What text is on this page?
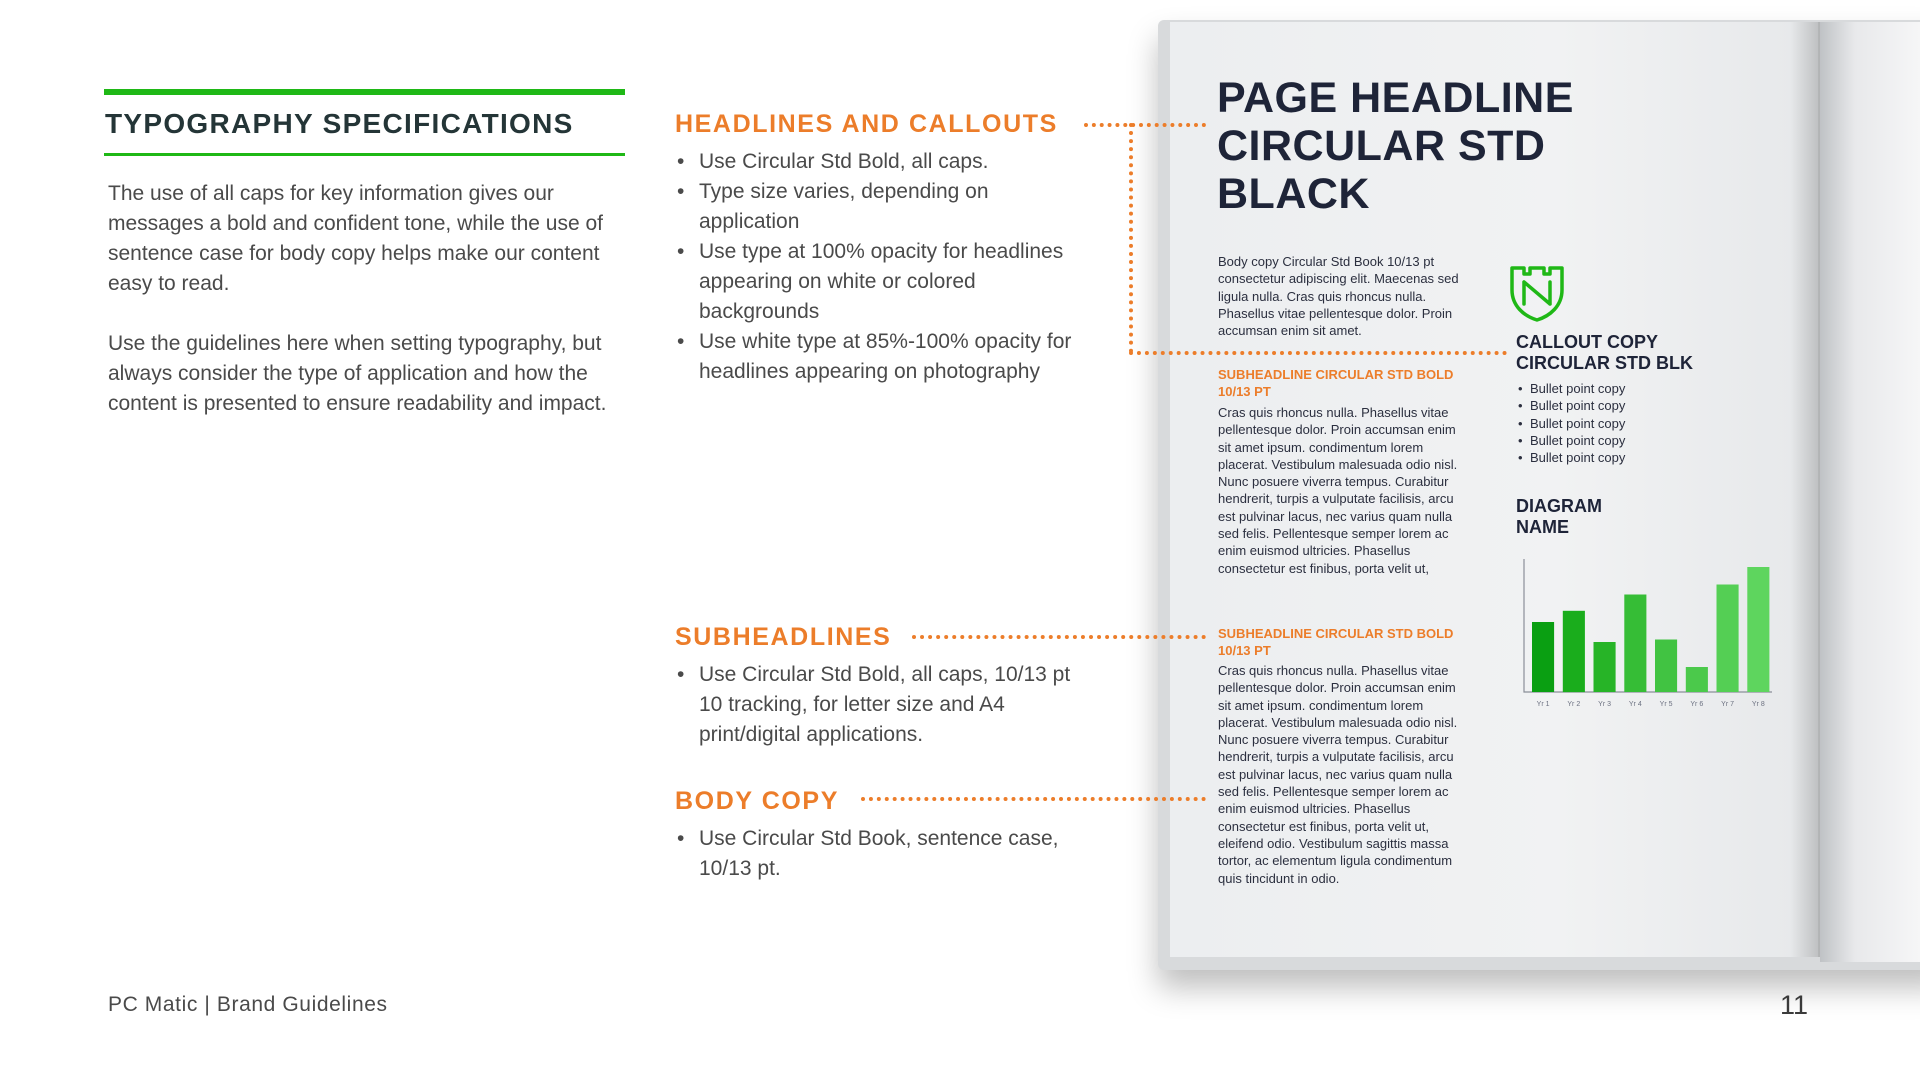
TYPOGRAPHY SPECIFICATIONS

The use of all caps for key information gives our messages a bold and confident tone, while the use of sentence case for body copy helps make our content easy to read.

Use the guidelines here when setting typography, but always consider the type of application and how the content is presented to ensure readability and impact.

HEADLINES AND CALLOUTS
• Use Circular Std Bold, all caps.
• Type size varies, depending on application
• Use type at 100% opacity for headlines appearing on white or colored backgrounds
• Use white type at 85%-100% opacity for headlines appearing on photography
SUBHEADLINES
• Use Circular Std Bold, all caps, 10/13 pt 10 tracking, for letter size and A4 print/digital applications.
BODY COPY
• Use Circular Std Book, sentence case, 10/13 pt.
PAGE HEADLINE CIRCULAR STD BLACK
Body copy Circular Std Book 10/13 pt consectetur adipiscing elit. Maecenas sed ligula nulla. Cras quis rhoncus nulla. Phasellus vitae pellentesque dolor. Proin accumsan enim sit amet.
SUBHEADLINE CIRCULAR STD BOLD 10/13 PT
Cras quis rhoncus nulla. Phasellus vitae pellentesque dolor. Proin accumsan enim sit amet ipsum. condimentum lorem placerat. Vestibulum malesuada odio nisl. Nunc posuere viverra tempus. Curabitur hendrerit, turpis a vulputate facilisis, arcu est pulvinar lacus, nec varius quam nulla sed felis. Pellentesque semper lorem ac enim euismod ultricies. Phasellus consectetur est finibus, porta velit ut,
SUBHEADLINE CIRCULAR STD BOLD 10/13 PT
Cras quis rhoncus nulla. Phasellus vitae pellentesque dolor. Proin accumsan enim sit amet ipsum. condimentum lorem placerat. Vestibulum malesuada odio nisl. Nunc posuere viverra tempus. Curabitur hendrerit, turpis a vulputate facilisis, arcu est pulvinar lacus, nec varius quam nulla sed felis. Pellentesque semper lorem ac enim euismod ultricies. Phasellus consectetur est finibus, porta velit ut, eleifend odio. Vestibulum sagittis massa tortor, ac elementum ligula condimentum quis tincidunt in odio.
CALLOUT COPY CIRCULAR STD BLK
• Bullet point copy
• Bullet point copy
• Bullet point copy
• Bullet point copy
• Bullet point copy
DIAGRAM NAME
Yr 1	Yr 2	Yr 3	Yr 4	Yr 5	Yr 6	Yr 7	Yr 8
PC Matic | Brand Guidelines	11
